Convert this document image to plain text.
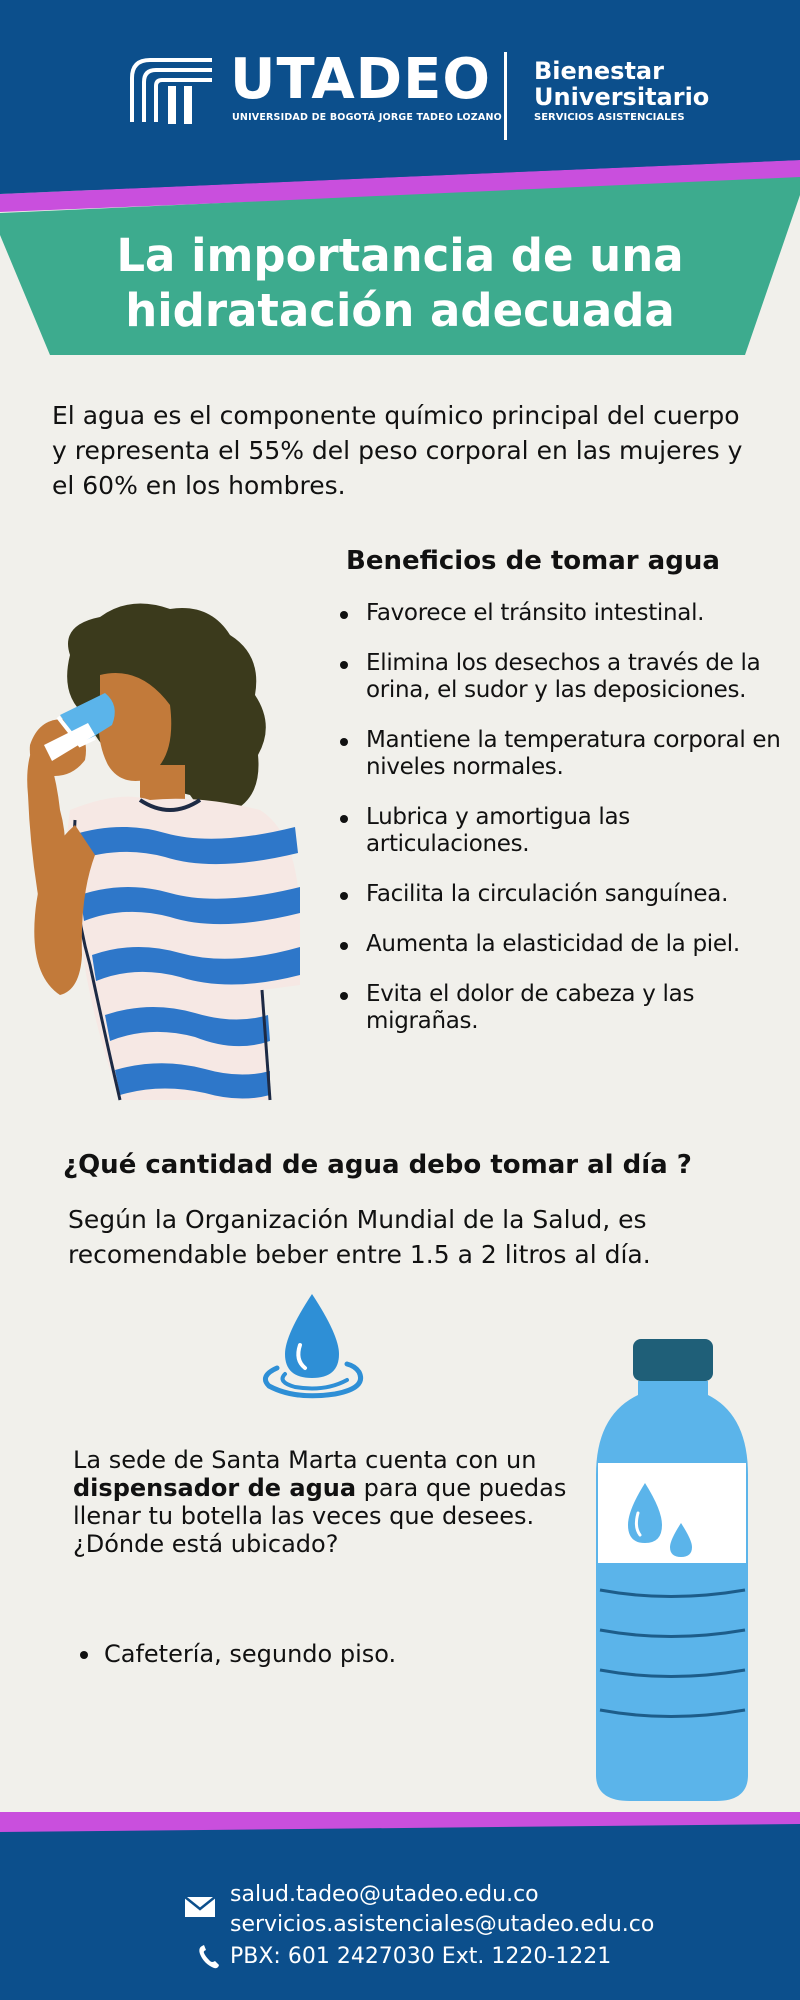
UTADEO
UNIVERSIDAD DE BOGOTÁ JORGE TADEO LOZANO
Bienestar
Universitario
SERVICIOS ASISTENCIALES
La importancia de una
hidratación adecuada
El agua es el componente químico principal del cuerpo y representa el 55% del peso corporal en las mujeres y el 60% en los hombres.
Beneficios de tomar agua
Favorece el tránsito intestinal.
Elimina los desechos a través de la orina, el sudor y las deposiciones.
Mantiene la temperatura corporal en niveles normales.
Lubrica y amortigua las articulaciones.
Facilita la circulación sanguínea.
Aumenta la elasticidad de la piel.
Evita el dolor de cabeza y las migrañas.
¿Qué cantidad de agua debo tomar al día ?
Según la Organización Mundial de la Salud, es recomendable beber entre 1.5 a 2 litros al día.
La sede de Santa Marta cuenta con un dispensador de agua para que puedas llenar tu botella las veces que desees.
¿Dónde está ubicado?
Cafetería, segundo piso.
salud.tadeo@utadeo.edu.co
servicios.asistenciales@utadeo.edu.co
PBX: 601 2427030 Ext. 1220-1221
